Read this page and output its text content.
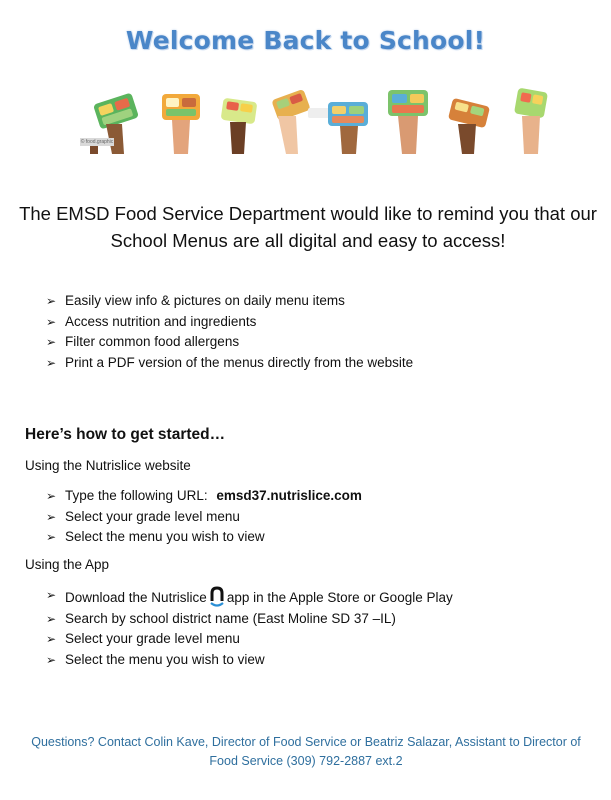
Welcome Back to School!
© food.graphic
The EMSD Food Service Department would like to remind you that our School Menus are all digital and easy to access!
➢ Easily view info & pictures on daily menu items
➢ Access nutrition and ingredients
➢ Filter common food allergens
➢ Print a PDF version of the menus directly from the website
Here’s how to get started…
Using the Nutrislice website
➢ Type the following URL: emsd37.nutrislice.com
➢ Select your grade level menu
➢ Select the menu you wish to view
Using the App
➢ Download the Nutrislice app in the Apple Store or Google Play
➢ Search by school district name (East Moline SD 37 –IL)
➢ Select your grade level menu
➢ Select the menu you wish to view
Questions? Contact Colin Kave, Director of Food Service or Beatriz Salazar, Assistant to Director of Food Service (309) 792-2887 ext.2
